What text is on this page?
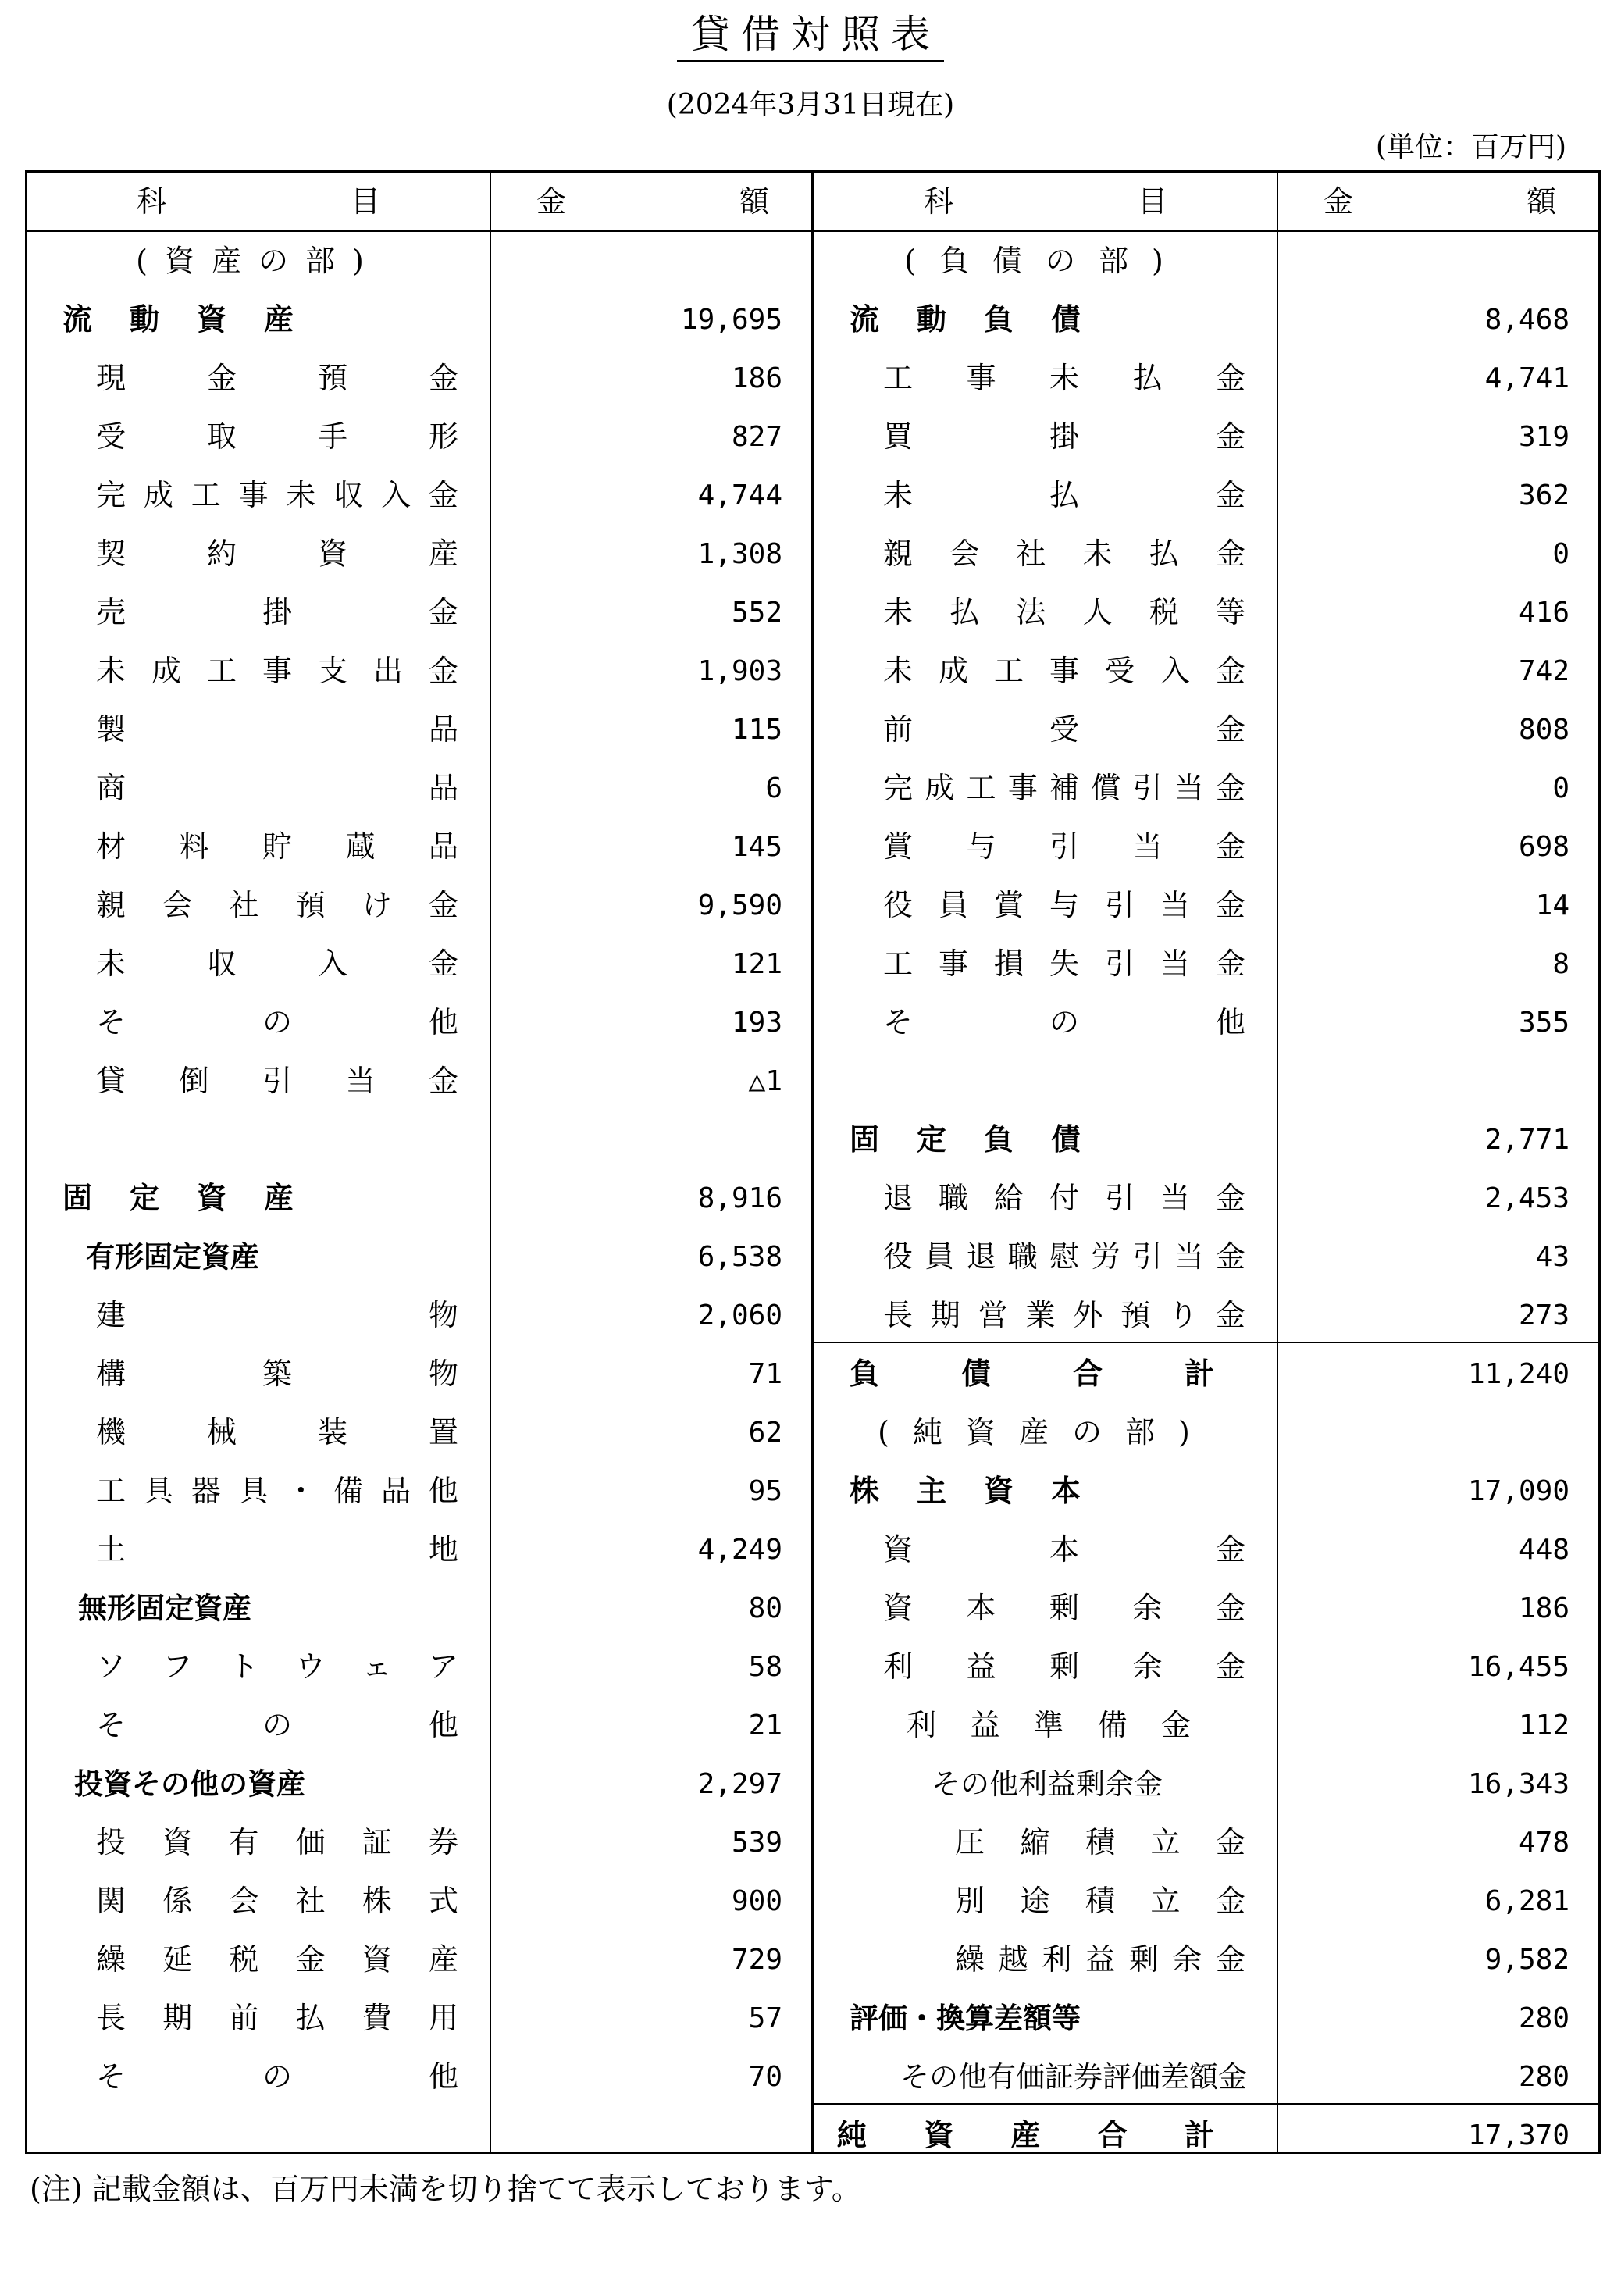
貸借対照表
(2024年3月31日現在)
(単位：百万円)
科	目	金	額
(資産の部)
流 動 資 産	19,695
現	金	預	金	186
受	取	手	形	827
完 成 工 事 未 収 入 金	4,744
契	約	資	産	1,308
売	掛	金	552
未 成 工 事 支 出 金	1,903
製	品	115
商	品	6
材 料 貯 蔵 品	145
親 会 社 預 け 金	9,590
未	収	入	金	121
そ	の	他	193
貸 倒 引 当 金	△1
固 定 資 産	8,916
有形固定資産	6,538
建	物	2,060
構	築	物	71
機	械	装	置	62
工 具 器 具 ・ 備 品 他	95
土	地	4,249
無形固定資産	80
ソ フ ト ウ ェ ア	58
そ	の	他	21
投資その他の資産	2,297
投 資 有 価 証 券	539
関 係 会 社 株 式	900
繰 延 税 金 資 産	729
長 期 前 払 費 用	57
そ	の	他	70
科	目	金	額
(負債の部)
流 動 負 債	8,468
工 事 未 払 金	4,741
買	掛	金	319
未	払	金	362
親 会 社 未 払 金	0
未 払 法 人 税 等	416
未 成 工 事 受 入 金	742
前	受	金	808
完 成 工 事 補 償 引 当 金	0
賞 与 引 当 金	698
役 員 賞 与 引 当 金	14
工 事 損 失 引 当 金	8
そ	の	他	355
固 定 負 債	2,771
退 職 給 付 引 当 金	2,453
役 員 退 職 慰 労 引 当 金	43
長 期 営 業 外 預 り 金	273
負	債	合	計	11,240
(純資産の部)
株 主 資 本	17,090
資	本	金	448
資 本 剰 余 金	186
利 益 剰 余 金	16,455
利 益 準 備 金	112
その他利益剰余金	16,343
圧 縮 積 立 金	478
別 途 積 立 金	6,281
繰 越 利 益 剰 余 金	9,582
評価・換算差額等	280
その他有価証券評価差額金	280
純 資 産 合 計	17,370
(注) 記載金額は、百万円未満を切り捨てて表示しております。
